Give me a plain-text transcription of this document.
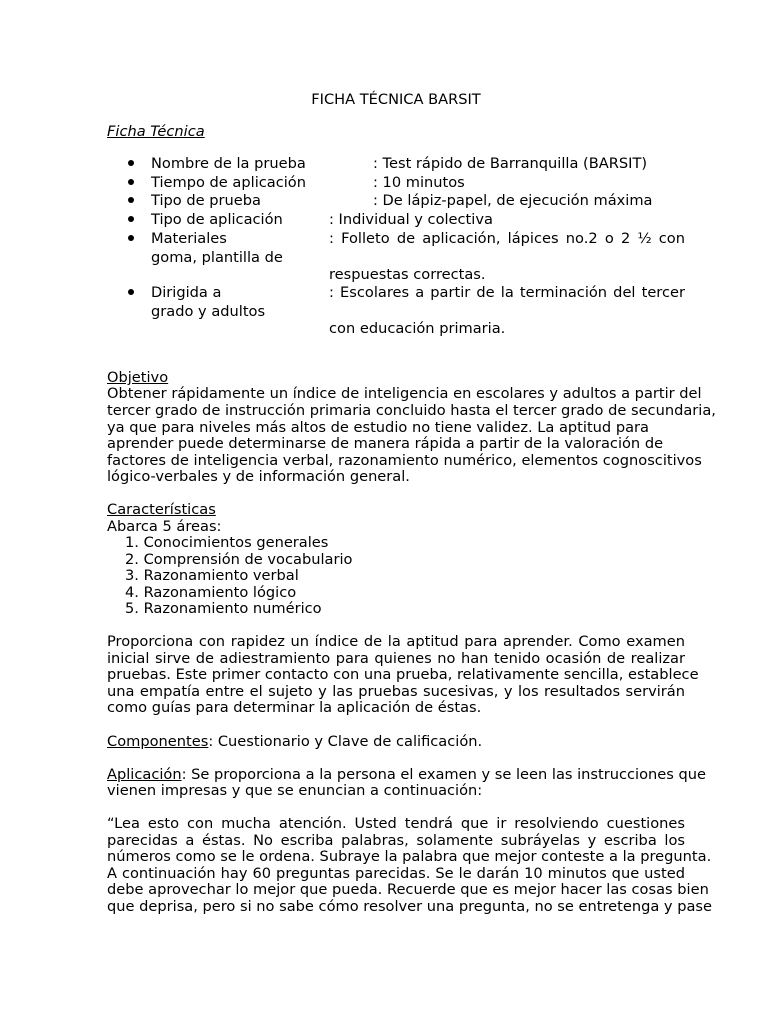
FICHA TÉCNICA BARSIT
Ficha Técnica
Nombre de la prueba	: Test rápido de Barranquilla (BARSIT)
Tiempo de aplicación	: 10 minutos
Tipo de prueba	: De lápiz-papel, de ejecución máxima
Tipo de aplicación	: Individual y colectiva
Materiales	: Folleto de aplicación, lápices no.2 o 2 ½ con
goma, plantilla de
respuestas correctas.
Dirigida a	: Escolares a partir de la terminación del tercer
grado y adultos
con educación primaria.
Objetivo
Obtener rápidamente un índice de inteligencia en escolares y adultos a partir del
tercer grado de instrucción primaria concluido hasta el tercer grado de secundaria,
ya que para niveles más altos de estudio no tiene validez. La aptitud para
aprender puede determinarse de manera rápida a partir de la valoración de
factores de inteligencia verbal, razonamiento numérico, elementos cognoscitivos
lógico-verbales y de información general.
Características
Abarca 5 áreas:
1. Conocimientos generales
2. Comprensión de vocabulario
3. Razonamiento verbal
4. Razonamiento lógico
5. Razonamiento numérico
Proporciona con rapidez un índice de la aptitud para aprender. Como examen
inicial sirve de adiestramiento para quienes no han tenido ocasión de realizar
pruebas. Este primer contacto con una prueba, relativamente sencilla, establece
una empatía entre el sujeto y las pruebas sucesivas, y los resultados servirán
como guías para determinar la aplicación de éstas.
Componentes: Cuestionario y Clave de calificación.
Aplicación: Se proporciona a la persona el examen y se leen las instrucciones que
vienen impresas y que se enuncian a continuación:
“Lea esto con mucha atención. Usted tendrá que ir resolviendo cuestiones
parecidas a éstas. No escriba palabras, solamente subráyelas y escriba los
números como se le ordena. Subraye la palabra que mejor conteste a la pregunta.
A continuación hay 60 preguntas parecidas. Se le darán 10 minutos que usted
debe aprovechar lo mejor que pueda. Recuerde que es mejor hacer las cosas bien
que deprisa, pero si no sabe cómo resolver una pregunta, no se entretenga y pase
